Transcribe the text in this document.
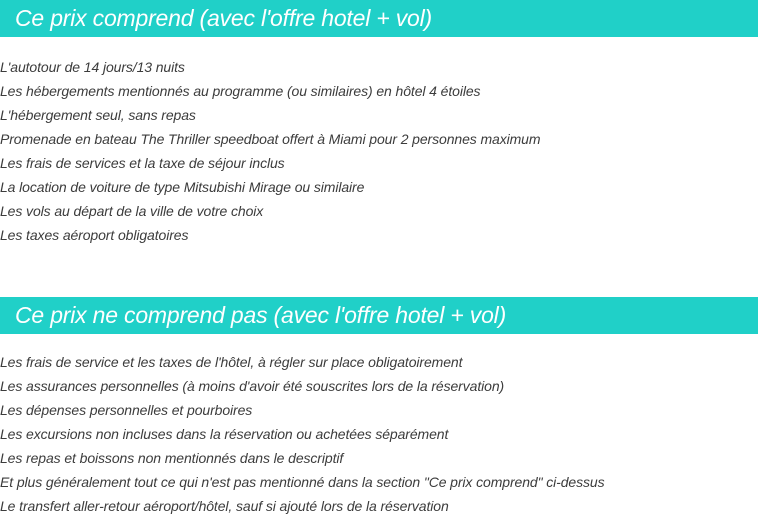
Ce prix comprend (avec l'offre hotel + vol)
L'autotour de 14 jours/13 nuits
Les hébergements mentionnés au programme (ou similaires) en hôtel 4 étoiles
L'hébergement seul, sans repas
Promenade en bateau The Thriller speedboat offert à Miami pour 2 personnes maximum
Les frais de services et la taxe de séjour inclus
La location de voiture de type Mitsubishi Mirage ou similaire
Les vols au départ de la ville de votre choix
Les taxes aéroport obligatoires
Ce prix ne comprend pas (avec l'offre hotel + vol)
Les frais de service et les taxes de l'hôtel, à régler sur place obligatoirement
Les assurances personnelles (à moins d'avoir été souscrites lors de la réservation)
Les dépenses personnelles et pourboires
Les excursions non incluses dans la réservation ou achetées séparément
Les repas et boissons non mentionnés dans le descriptif
Et plus généralement tout ce qui n'est pas mentionné dans la section "Ce prix comprend" ci-dessus
Le transfert aller-retour aéroport/hôtel, sauf si ajouté lors de la réservation
